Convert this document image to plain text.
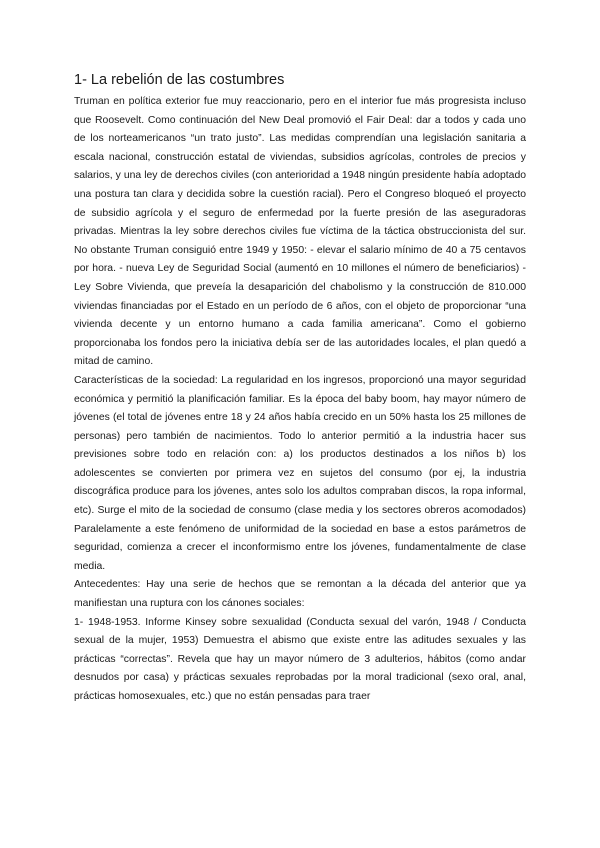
1- La rebelión de las costumbres

Truman en política exterior fue muy reaccionario, pero en el interior fue más progresista incluso que Roosevelt. Como continuación del New Deal promovió el Fair Deal: dar a todos y cada uno de los norteamericanos “un trato justo”. Las medidas comprendían una legislación sanitaria a escala nacional, construcción estatal de viviendas, subsidios agrícolas, controles de precios y salarios, y una ley de derechos civiles (con anterioridad a 1948 ningún presidente había adoptado una postura tan clara y decidida sobre la cuestión racial). Pero el Congreso bloqueó el proyecto de subsidio agrícola y el seguro de enfermedad por la fuerte presión de las aseguradoras privadas. Mientras la ley sobre derechos civiles fue víctima de la táctica obstruccionista del sur. No obstante Truman consiguió entre 1949 y 1950: - elevar el salario mínimo de 40 a 75 centavos por hora. - nueva Ley de Seguridad Social (aumentó en 10 millones el número de beneficiarios) - Ley Sobre Vivienda, que preveía la desaparición del chabolismo y la construcción de 810.000 viviendas financiadas por el Estado en un período de 6 años, con el objeto de proporcionar “una vivienda decente y un entorno humano a cada familia americana”. Como el gobierno proporcionaba los fondos pero la iniciativa debía ser de las autoridades locales, el plan quedó a mitad de camino.

Características de la sociedad: La regularidad en los ingresos, proporcionó una mayor seguridad económica y permitió la planificación familiar. Es la época del baby boom, hay mayor número de jóvenes (el total de jóvenes entre 18 y 24 años había crecido en un 50% hasta los 25 millones de personas) pero también de nacimientos. Todo lo anterior permitió a la industria hacer sus previsiones sobre todo en relación con: a) los productos destinados a los niños b) los adolescentes se convierten por primera vez en sujetos del consumo (por ej, la industria discográfica produce para los jóvenes, antes solo los adultos compraban discos, la ropa informal, etc). Surge el mito de la sociedad de consumo (clase media y los sectores obreros acomodados) Paralelamente a este fenómeno de uniformidad de la sociedad en base a estos parámetros de seguridad, comienza a crecer el inconformismo entre los jóvenes, fundamentalmente de clase media.

Antecedentes: Hay una serie de hechos que se remontan a la década del anterior que ya manifiestan una ruptura con los cánones sociales:

1- 1948-1953. Informe Kinsey sobre sexualidad (Conducta sexual del varón, 1948 / Conducta sexual de la mujer, 1953) Demuestra el abismo que existe entre las aditudes sexuales y las prácticas “correctas”. Revela que hay un mayor número de 3 adulterios, hábitos (como andar desnudos por casa) y prácticas sexuales reprobadas por la moral tradicional (sexo oral, anal, prácticas homosexuales, etc.) que no están pensadas para traer
